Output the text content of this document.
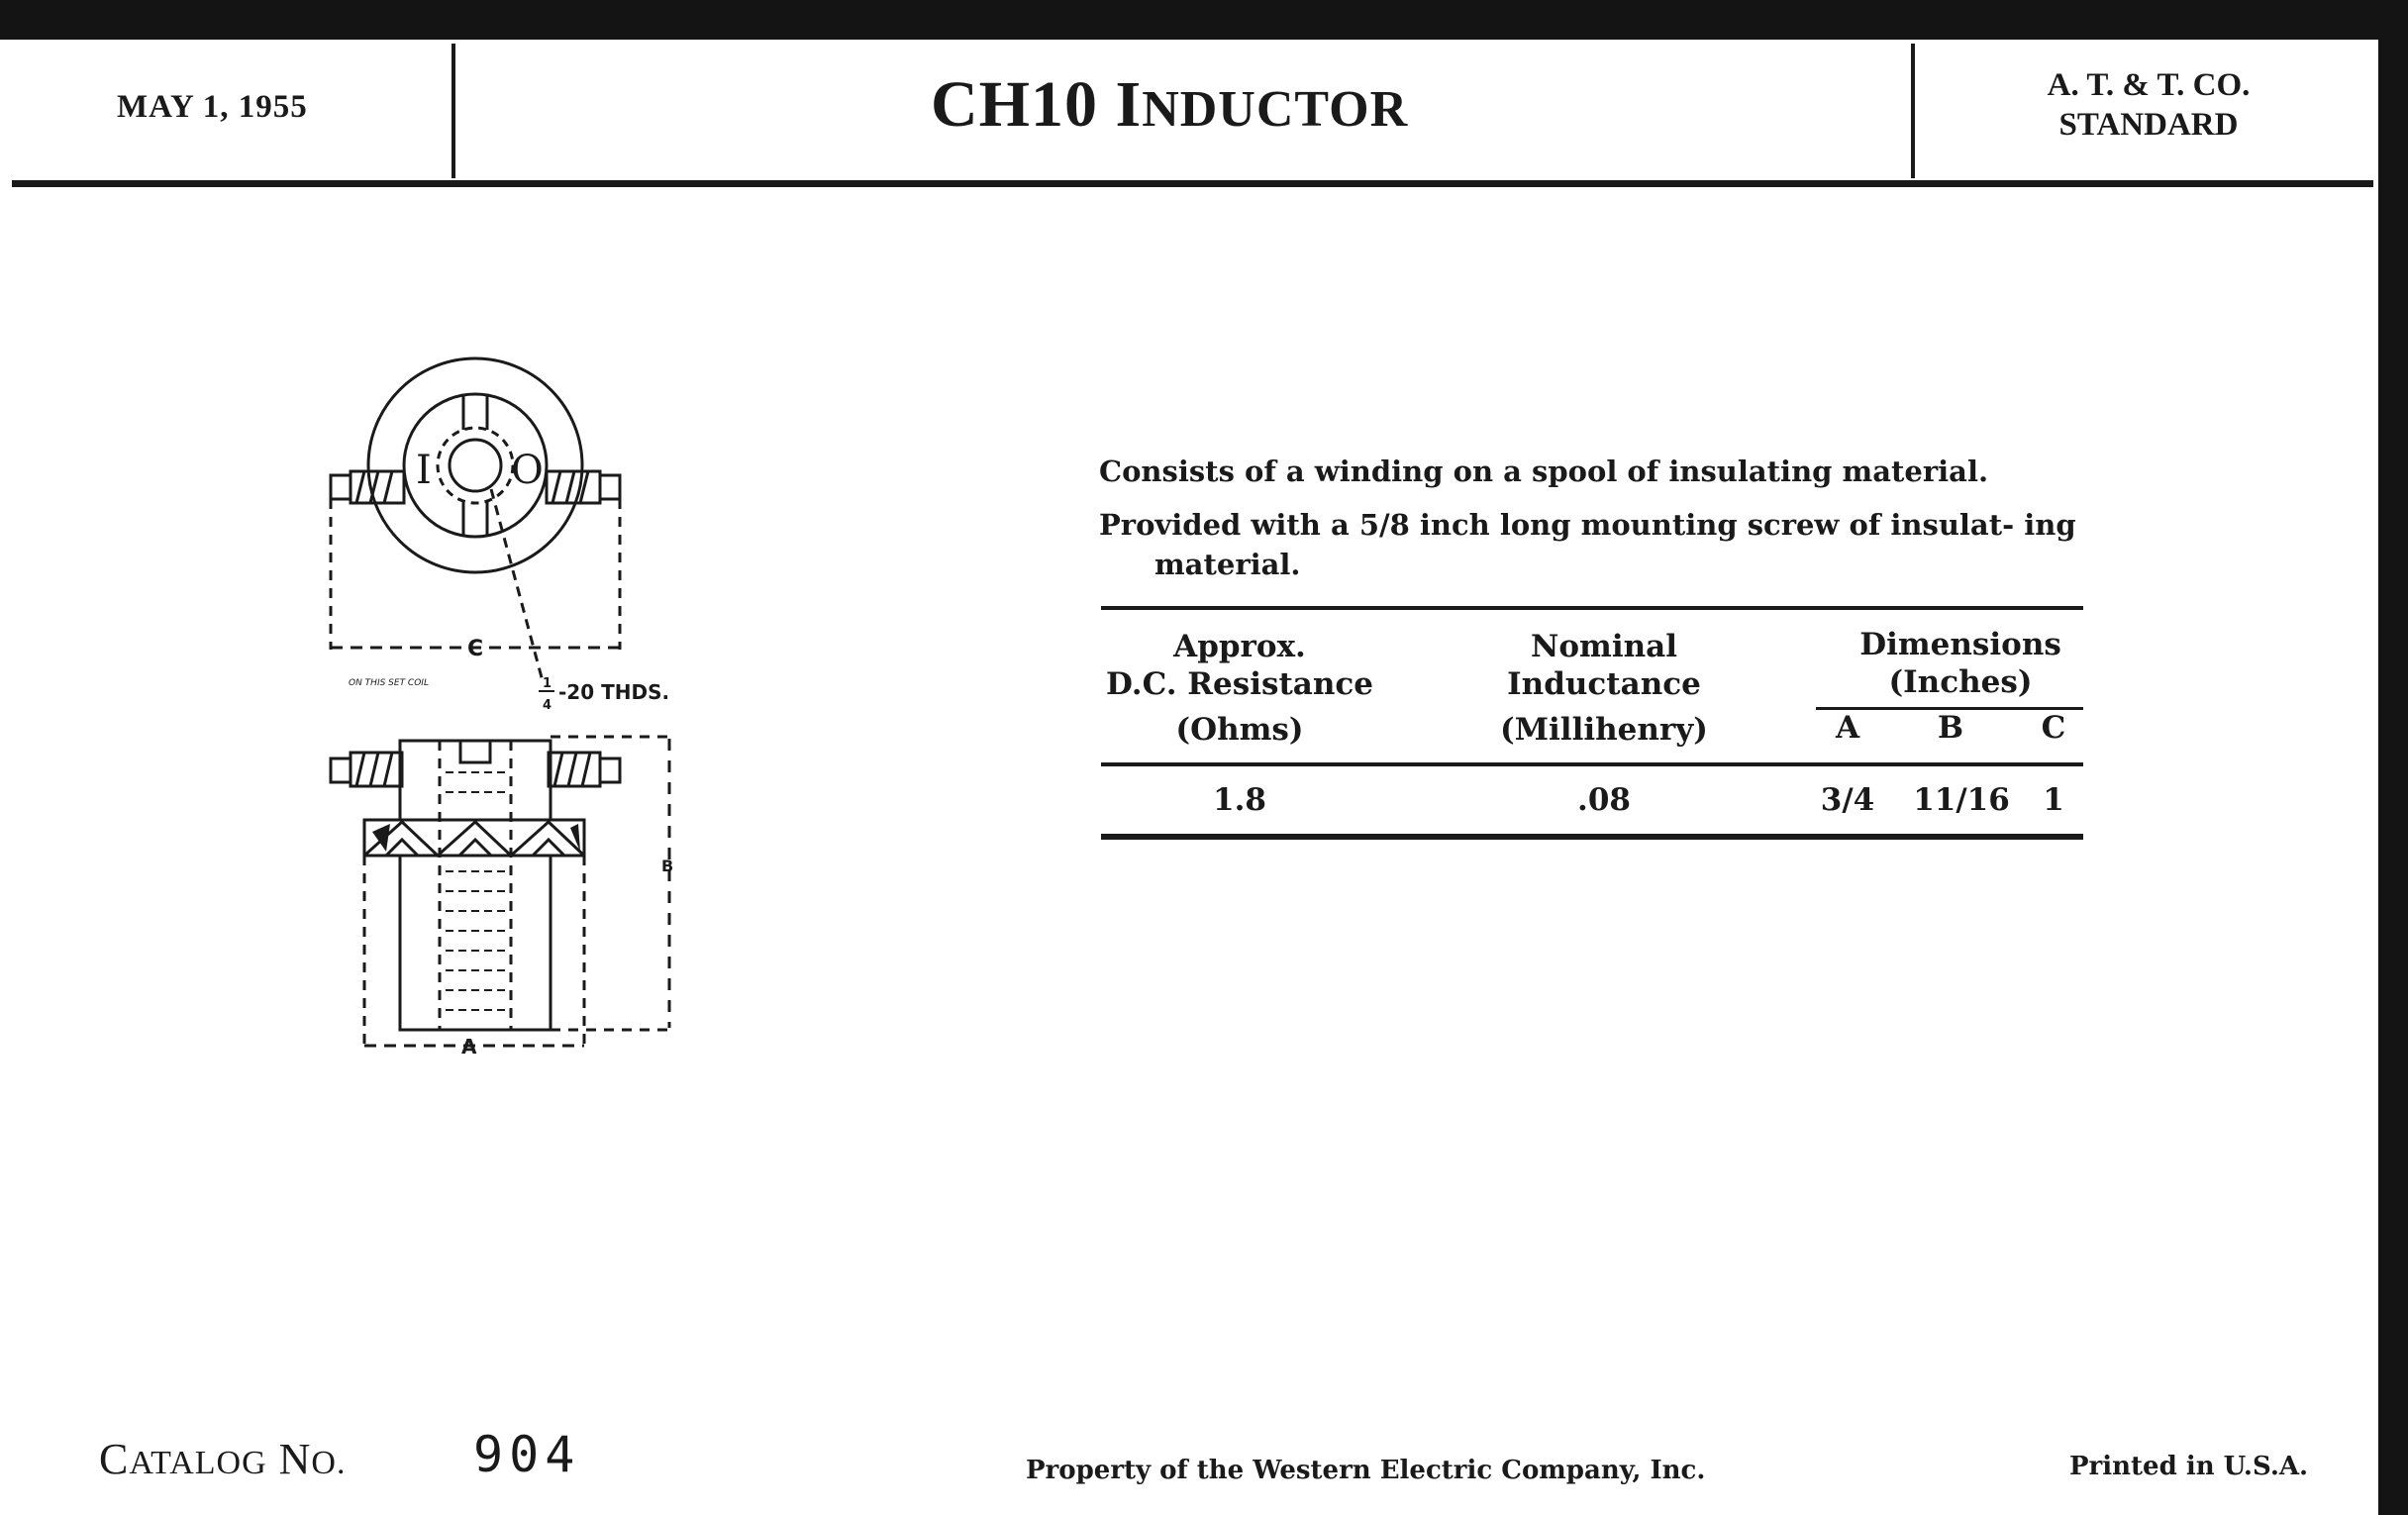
MAY 1, 1955	CH10 INDUCTOR	A. T. & T. CO.
STANDARD
I O
C
ON THIS SET COIL	1
4
-20 THDS.
B
A
Consists of a winding on a spool of insulating material.
Provided with a 5/8 inch long mounting screw of insulat- ing material.
Approx.
D.C. Resistance
(Ohms)
Nominal
Inductance
(Millihenry)
Dimensions
(Inches)
A	B	C
1.8	.08	3/4	11/16 1
CATALOG NO.	904	Property of the Western Electric Company, Inc.	Printed in U.S.A.
